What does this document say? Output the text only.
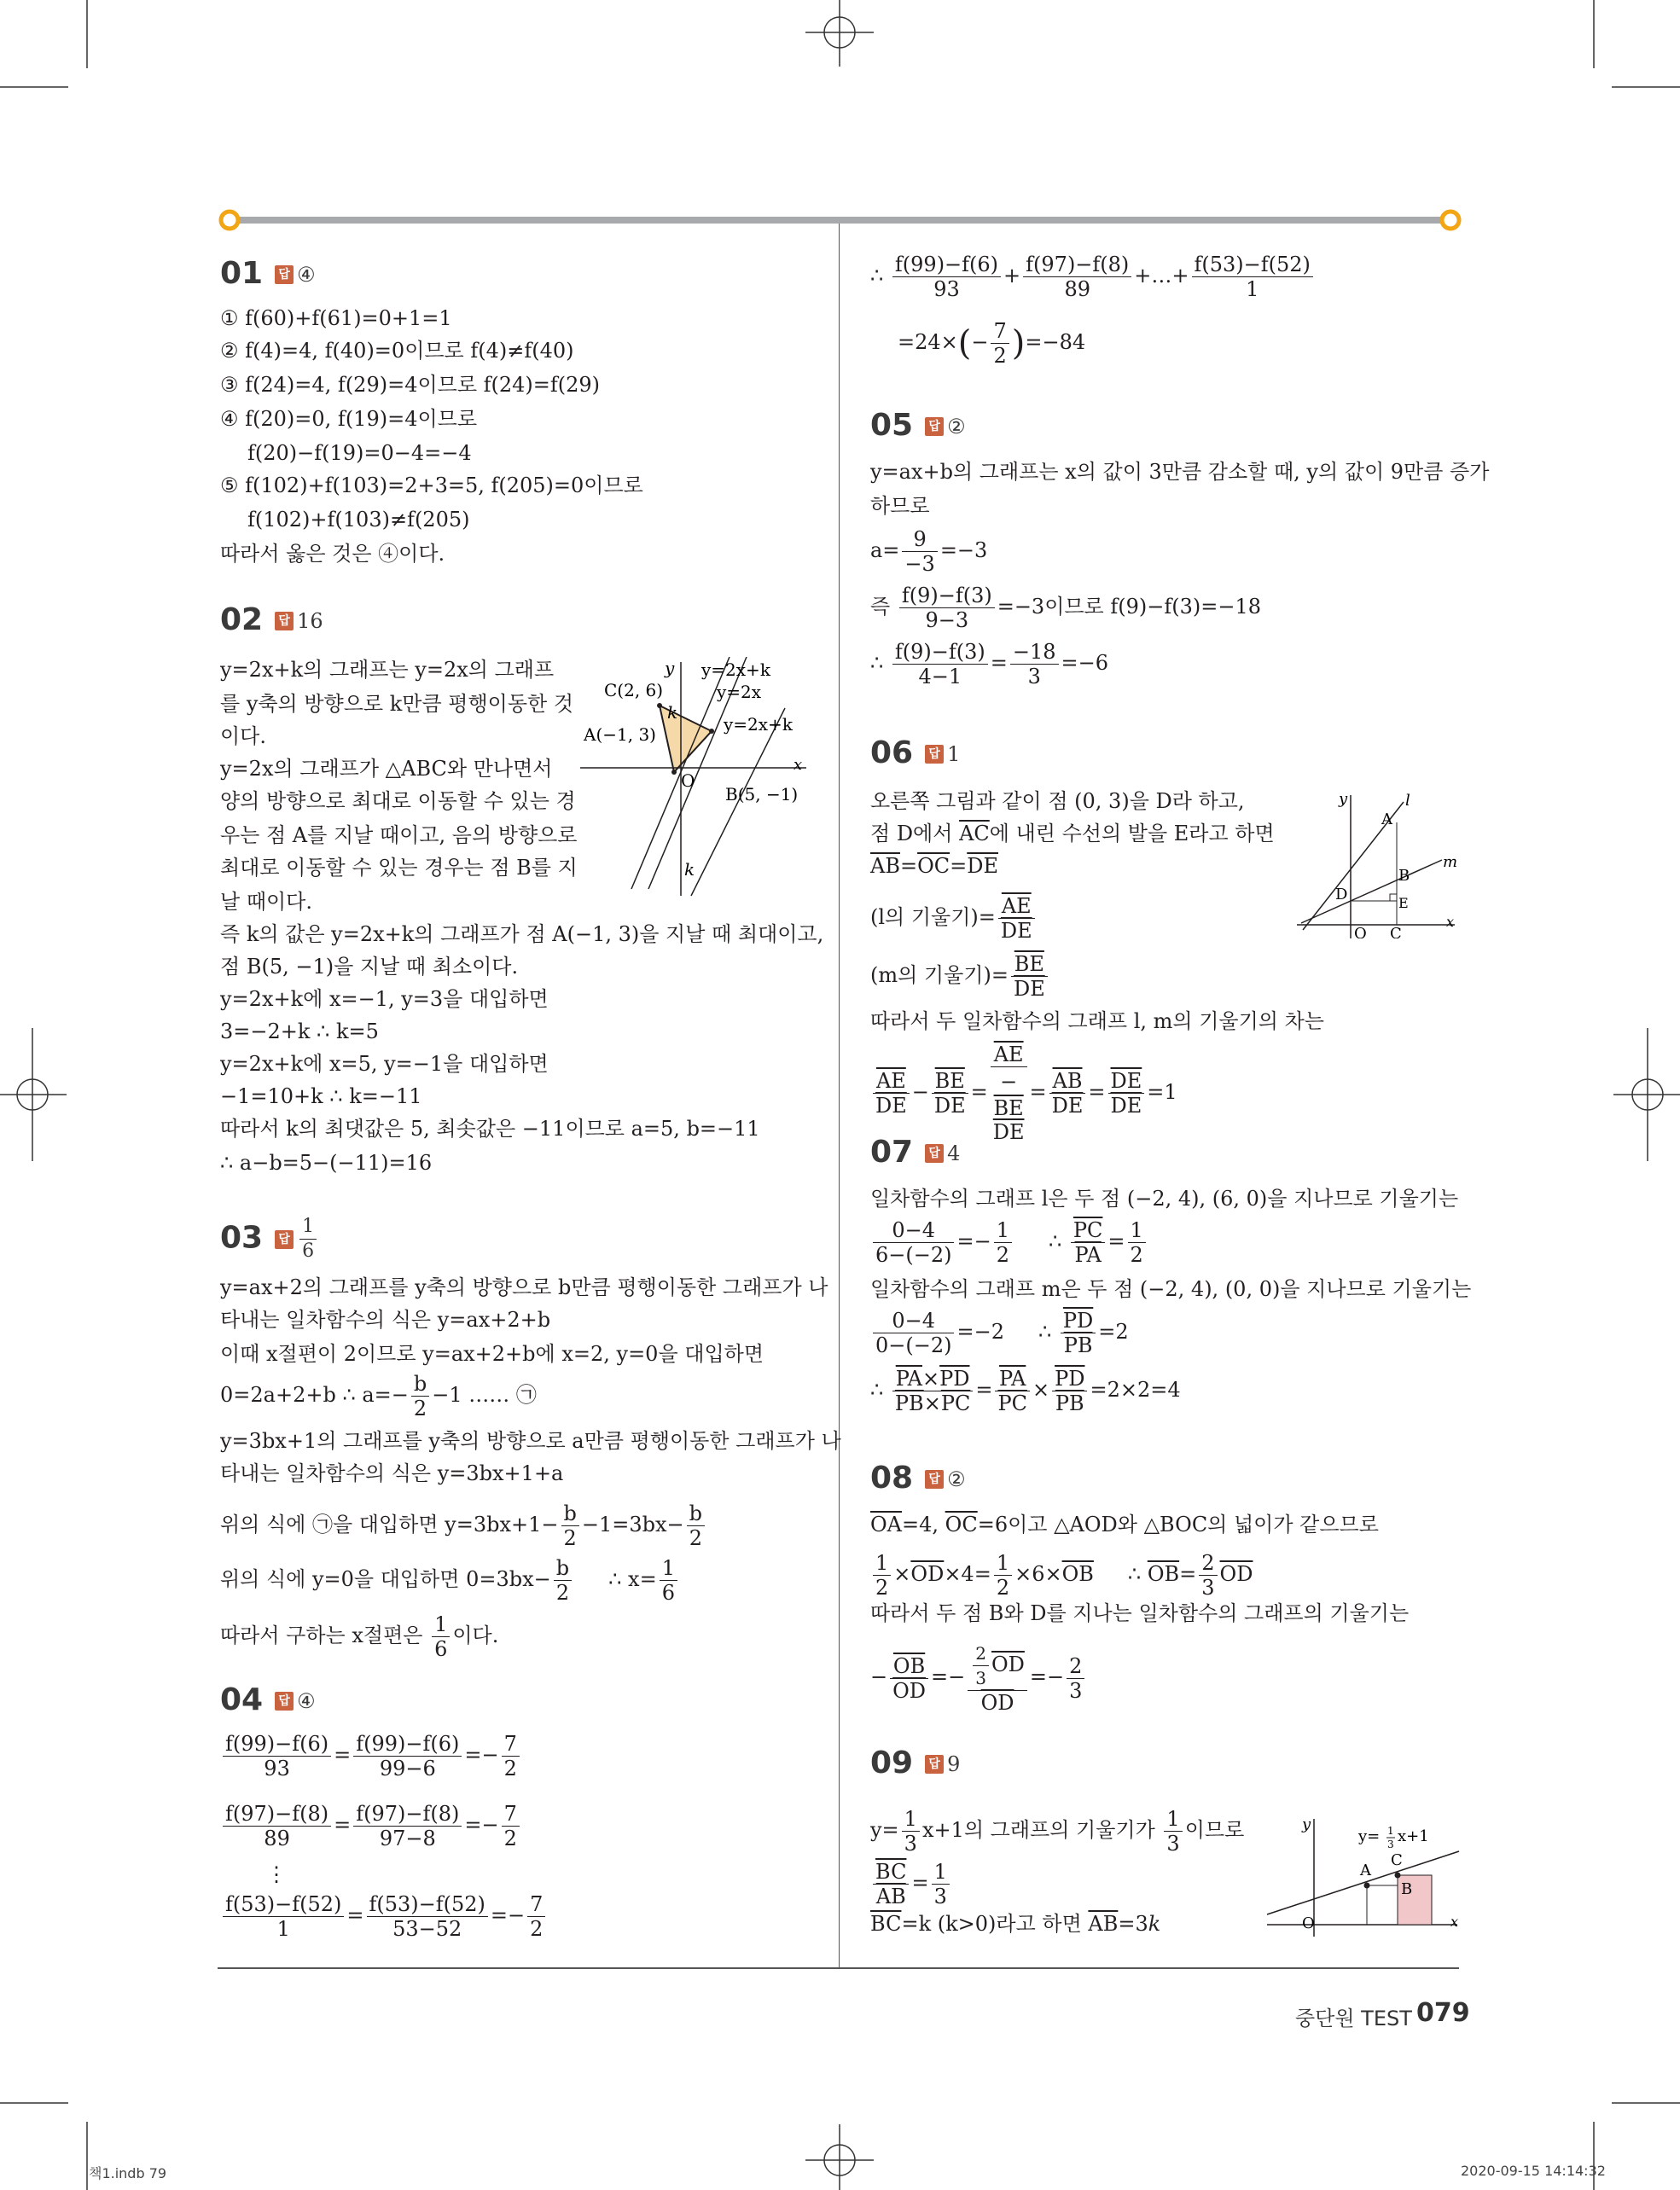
01 답 ④
① f(60)+f(61)=0+1=1
② f(4)=4, f(40)=0이므로 f(4)≠f(40)
③ f(24)=4, f(29)=4이므로 f(24)=f(29)
④ f(20)=0, f(19)=4이므로
f(20)−f(19)=0−4=−4
⑤ f(102)+f(103)=2+3=5, f(205)=0이므로
f(102)+f(103)≠f(205)
따라서 옳은 것은 ④이다.
02 답 16
y=2x+k의 그래프는 y=2x의 그래프
를 y축의 방향으로 k만큼 평행이동한 것
이다.
y=2x의 그래프가 △ABC와 만나면서
양의 방향으로 최대로 이동할 수 있는 경
우는 점 A를 지날 때이고, 음의 방향으로
최대로 이동할 수 있는 경우는 점 B를 지
날 때이다.
즉 k의 값은 y=2x+k의 그래프가 점 A(−1, 3)을 지날 때 최대이고,
점 B(5, −1)을 지날 때 최소이다.
y=2x+k에 x=−1, y=3을 대입하면
3=−2+k ∴ k=5
y=2x+k에 x=5, y=−1을 대입하면
−1=10+k ∴ k=−11
따라서 k의 최댓값은 5, 최솟값은 −11이므로 a=5, b=−11
∴ a−b=5−(−11)=16
y y=2x+k
C(2, 6)	y=2x
k
A(−1, 3)	y=2x+k
O
x
B(5, −1)
k
03 답 $\frac{1}{6}$
y=ax+2의 그래프를 y축의 방향으로 b만큼 평행이동한 그래프가 나
타내는 일차함수의 식은 y=ax+2+b
이때 x절편이 2이므로 y=ax+2+b에 x=2, y=0을 대입하면
0=2a+2+b ∴ $a=- \frac{b}{2} -1$ …… ㉠
y=3bx+1의 그래프를 y축의 방향으로 a만큼 평행이동한 그래프가 나
타내는 일차함수의 식은 y=3bx+1+a
위의 식에 ㉠을 대입하면 $y=3bx+1- \frac{b}{2} -1=3bx- \frac{b}{2}$
위의 식에 y=0을 대입하면 $0=3bx- \frac{b}{2}$ ∴ $x= \frac{1}{6}$
따라서 구하는 x절편은 $\frac{1}{6}$ 이다.
04 답 ④
$\frac{f(99)-f(6)}{93} = \frac{f(99)-f(6)}{99-6} =- \frac{7}{2}$
$\frac{f(97)-f(8)}{89} = \frac{f(97)-f(8)}{97-8} =- \frac{7}{2}$
⋮
$\frac{f(53)-f(52)}{1} = \frac{f(53)-f(52)}{53-52} =- \frac{7}{2}$
∴ $\frac{f(99)-f(6)}{93} + \frac{f(97)-f(8)}{89}$ +…+ $\frac{f(53)-f(52)}{1}$
$=24\times(- \frac{7}{2} )=-84$
05 답 ②
y=ax+b의 그래프는 x의 값이 3만큼 감소할 때, y의 값이 9만큼 증가
하므로
$a= \frac{9}{-3} =-3$
즉 $\frac{f(9)-f(3)}{9-3} =-3$이므로 f(9)−f(3)=−18
∴ $\frac{f(9)-f(3)}{4-1} = \frac{-18}{3} =-6$
06 답 1
오른쪽 그림과 같이 점 (0, 3)을 D라 하고,
점 D에서 $\overline{AC}$에 내린 수선의 발을 E라고 하면
$\overline{AB}=\overline{OC}=\overline{DE}$
(l의 기울기)= $\frac{\overline{AE}}{DE}$
(m의 기울기)= $\frac{\overline{BE}}{DE}$
따라서 두 일차함수의 그래프 l, m의 기울기의 차는
$\frac{\overline{AE}}{DE} - \frac{\overline{BE}}{DE}$ =
$\overline{AE}$
−
$\overline{BE}$
$\overline{DE}$
= $\frac{\overline{AB}}{DE} = \frac{\overline{DE}}{DE} =1$
y	l
A
m
B
D	E
O C
x
07 답 4
일차함수의 그래프 l은 두 점 (−2, 4), (6, 0)을 지나므로 기울기는
$\frac{0-4}{6-(-2)} =- \frac{1}{2}$ ∴ $\frac{\overline{PC}}{PA} = \frac{1}{2}$
일차함수의 그래프 m은 두 점 (−2, 4), (0, 0)을 지나므로 기울기는
$\frac{0-4}{0-(-2)} =-2$ ∴ $\frac{\overline{PD}}{PB} =2$
∴ $\frac{\overline{PA}\times\overline{PD}}{\overline{PB}\times\overline{PC}} = \frac{\overline{PA}}{PC} \times \frac{\overline{PD}}{PB} =2\times 2=4$
08 답 ②
$\overline{OA}=4$, $\overline{OC}=6$이고 △AOD와 △BOC의 넓이가 같으므로
$\frac{1}{2} \times\overline{OD}\times 4= \frac{1}{2} \times 6\times\overline{OB}$ ∴ $\overline{OB}= \frac{2}{3} \overline{OD}$
따라서 두 점 B와 D를 지나는 일차함수의 그래프의 기울기는
− $\frac{\overline{OB}}{OD} =- \frac{\frac{2}{3} \overline{OD}}{OD} =- \frac{2}{3}$
09 답 9
$y= \frac{1}{3} x+1$의 그래프의 기울기가 $\frac{1}{3}$ 이므로
$\frac{\overline{BC}}{AB} = \frac{1}{3}$
$\overline{BC}=k$ (k>0)라고 하면 $\overline{AB}=3k$
y
y= 1
3 x+1
A
C
B
O	x
중단원 TEST 079
책1.indb 79	2020-09-15 14:14:32
